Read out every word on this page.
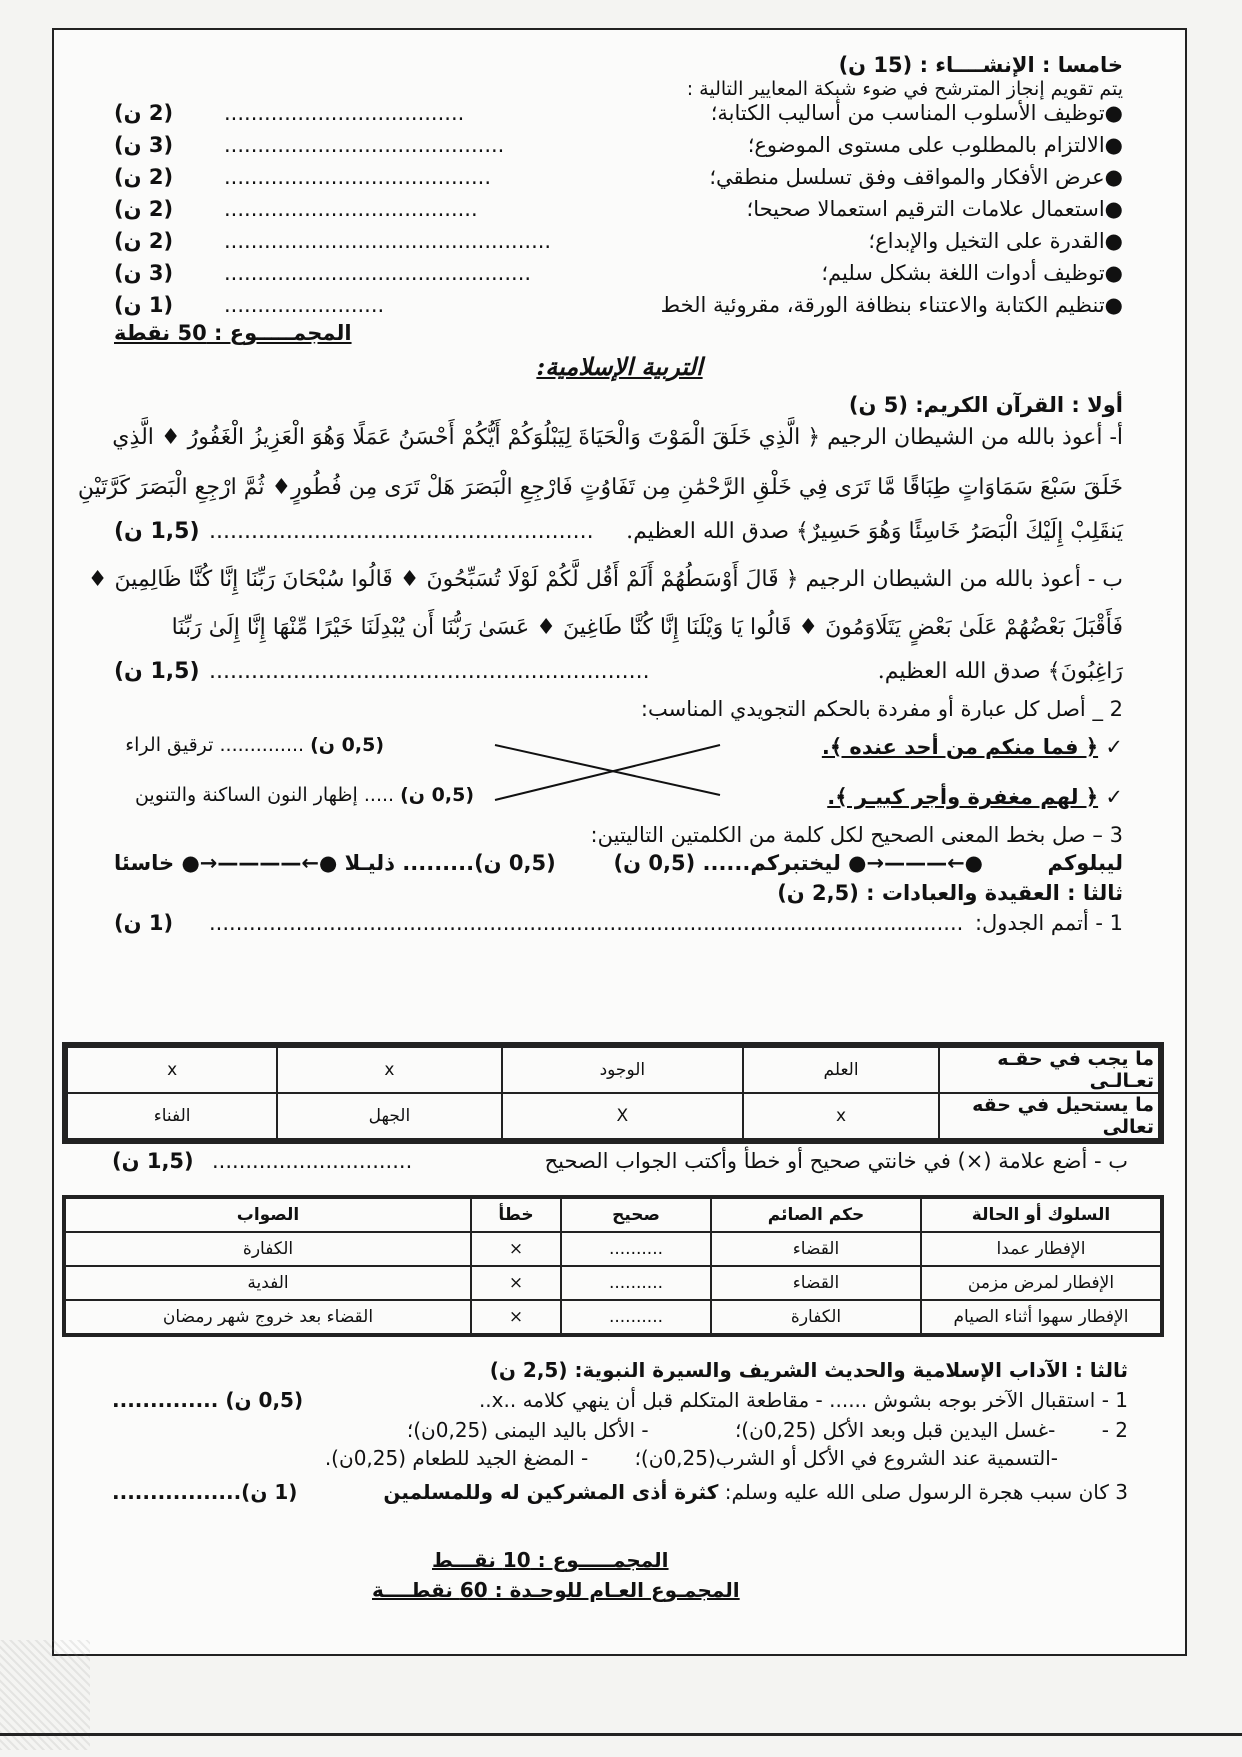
خامسا : الإنشــــاء : (15 ن)
يتم تقويم إنجاز المترشح في ضوء شبكة المعايير التالية :
●توظيف الأسلوب المناسب من أساليب الكتابة؛
....................................
(2 ن)
●الالتزام بالمطلوب على مستوى الموضوع؛
..........................................
(3 ن)
●عرض الأفكار والمواقف وفق تسلسل منطقي؛
........................................
(2 ن)
●استعمال علامات الترقيم استعمالا صحيحا؛
......................................
(2 ن)
●القدرة على التخيل والإبداع؛
.................................................
(2 ن)
●توظيف أدوات اللغة بشكل سليم؛
..............................................
(3 ن)
●تنظيم الكتابة والاعتناء بنظافة الورقة، مقروئية الخط
........................
(1 ن)
المجمـــــوع : 50 نقطة
التربية الإسلامية:
أولا : القرآن الكريم: (5 ن)
أ- أعوذ بالله من الشيطان الرجيم ﴿ الَّذِي خَلَقَ الْمَوْتَ وَالْحَيَاةَ لِيَبْلُوَكُمْ أَيُّكُمْ أَحْسَنُ عَمَلًا وَهُوَ الْعَزِيزُ الْغَفُورُ ♦ الَّذِي
خَلَقَ سَبْعَ سَمَاوَاتٍ طِبَاقًا مَّا تَرَى فِي خَلْقِ الرَّحْمَٰنِ مِن تَفَاوُتٍ فَارْجِعِ الْبَصَرَ هَلْ تَرَى مِن فُطُورٍ♦ ثُمَّ ارْجِعِ الْبَصَرَ كَرَّتَيْنِ
يَنقَلِبْ إِلَيْكَ الْبَصَرُ خَاسِئًا وَهُوَ حَسِيرٌ﴾ صدق الله العظيم.
.......................................................
(1,5 ن)
ب - أعوذ بالله من الشيطان الرجيم ﴿ قَالَ أَوْسَطُهُمْ أَلَمْ أَقُل لَّكُمْ لَوْلَا تُسَبِّحُونَ ♦ قَالُوا سُبْحَانَ رَبِّنَا إِنَّا كُنَّا ظَالِمِينَ ♦
فَأَقْبَلَ بَعْضُهُمْ عَلَىٰ بَعْضٍ يَتَلَاوَمُونَ ♦ قَالُوا يَا وَيْلَنَا إِنَّا كُنَّا طَاغِينَ ♦ عَسَىٰ رَبُّنَا أَن يُبْدِلَنَا خَيْرًا مِّنْهَا إِنَّا إِلَىٰ رَبِّنَا
رَاغِبُونَ﴾ صدق الله العظيم.
...............................................................
(1,5 ن)
2 _ أصل كل عبارة أو مفردة بالحكم التجويدي المناسب:
✓ ﴿ فما منكم من أحد عنده ﴾.
✓ ﴿ لهم مغفرة وأجر كبيـر ﴾.
(0,5 ن) .............. ترقيق الراء
(0,5 ن) ..... إظهار النون الساكنة والتنوين
3 – صل بخط المعنى الصحيح لكل كلمة من الكلمتين التاليتين:
ليبلوكم
●←———→● ليختبركم...... (0,5 ن)
(0,5 ن)......... ذليـلا ●←————→● خاسئا
ثالثا : العقيدة والعبادات : (2,5 ن)
1 - أتمم الجدول:
.................................................................................................................
(1 ن)
ما يجب في حقـه تعـالـى	العلم	الوجود	x	x
ما يستحيل في حقه تعالى	x	X	الجهل	الفناء
ب - أضع علامة (×) في خانتي صحيح أو خطأ وأكتب الجواب الصحيح
..............................
(1,5 ن)
السلوك أو الحالة	حكم الصائم	صحيح	خطأ	الصواب
الإفطار عمدا	القضاء	..........	×	الكفارة
الإفطار لمرض مزمن	القضاء	..........	×	الفدية
الإفطار سهوا أثناء الصيام	الكفارة	..........	×	القضاء بعد خروج شهر رمضان
ثالثا : الآداب الإسلامية والحديث الشريف والسيرة النبوية: (2,5 ن)
1 - استقبال الآخر بوجه بشوش ...... - مقاطعة المتكلم قبل أن ينهي كلامه ..x..
(0,5 ن) ..............
2 - -غسل اليدين قبل وبعد الأكل (0,25ن)؛ - الأكل باليد اليمنى (0,25ن)؛
-التسمية عند الشروع في الأكل أو الشرب(0,25ن)؛ - المضغ الجيد للطعام (0,25ن).
3 كان سبب هجرة الرسول صلى الله عليه وسلم: كثرة أذى المشركين له وللمسلمين
(1 ن).................
المجمـــــوع : 10 نقـــط
المجمـوع العـام للوحـدة : 60 نقطــــة
